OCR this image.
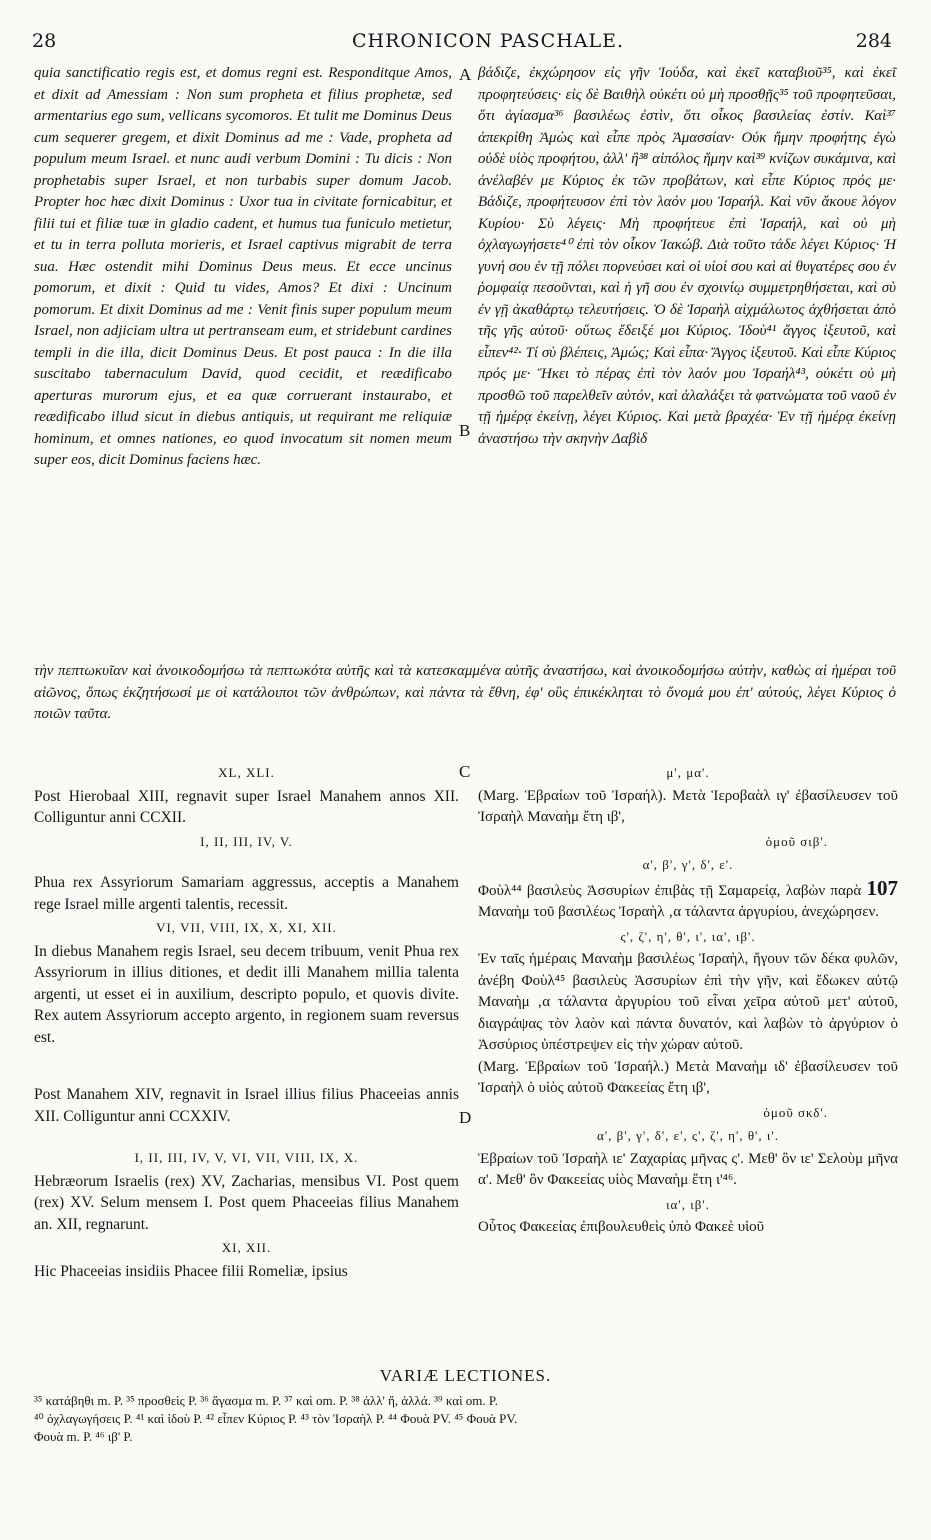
28	CHRONICON PASCHALE.	284
A
B
C
D

quia sanctificatio regis est, et domus regni est. Responditque Amos, et dixit ad Amessiam : Non sum propheta et filius prophetæ, sed armentarius ego sum, vellicans sycomoros. Et tulit me Dominus Deus cum sequerer gregem, et dixit Dominus ad me : Vade, propheta ad populum meum Israel. et nunc audi verbum Domini : Tu dicis : Non prophetabis super Israel, et non turbabis super domum Jacob. Propter hoc hæc dixit Dominus : Uxor tua in civitate fornicabitur, et filii tui et filiæ tuæ in gladio cadent, et humus tua funiculo metietur, et tu in terra polluta morieris, et Israel captivus migrabit de terra sua. Hæc ostendit mihi Dominus Deus meus. Et ecce uncinus pomorum, et dixit : Quid tu vides, Amos? Et dixi : Uncinum pomorum. Et dixit Dominus ad me : Venit finis super populum meum Israel, non adjiciam ultra ut pertranseam eum, et stridebunt cardines templi in die illa, dicit Dominus Deus. Et post pauca : In die illa suscitabo tabernaculum David, quod cecidit, et reædificabo aperturas murorum ejus, et ea quæ corruerant instaurabo, et reædificabo illud sicut in diebus antiquis, ut requirant me reliquiæ hominum, et omnes nationes, eo quod invocatum sit nomen meum super eos, dicit Dominus faciens hæc.

βάδιζε, ἐκχώρησον εἰς γῆν Ἰούδα, καὶ ἐκεῖ καταβιοῦ³⁵, καὶ ἐκεῖ προφητεύσεις· εἰς δὲ Βαιθὴλ οὐκέτι οὐ μὴ προσθῇς³⁵ τοῦ προφητεῦσαι, ὅτι ἁγίασμα³⁶ βασιλέως ἐστὶν, ὅτι οἶκος βασιλείας ἐστίν. Καὶ³⁷ ἀπεκρίθη Ἀμὼς καὶ εἶπε πρὸς Ἀμασσίαν· Οὐκ ἤμην προφήτης ἐγὼ οὐδὲ υἱὸς προφήτου, ἀλλ' ἢ³⁸ αἰπόλος ἤμην καὶ³⁹ κνίζων συκάμινα, καὶ ἀνέλαβέν με Κύριος ἐκ τῶν προβάτων, καὶ εἶπε Κύριος πρός με· Βάδιζε, προφήτευσον ἐπὶ τὸν λαόν μου Ἰσραήλ. Καὶ νῦν ἄκουε λόγον Κυρίου· Σὺ λέγεις· Μὴ προφήτευε ἐπὶ Ἰσραήλ, καὶ οὐ μὴ ὀχλαγωγήσετε⁴⁰ ἐπὶ τὸν οἶκον Ἰακώβ. Διὰ τοῦτο τάδε λέγει Κύριος· Ἡ γυνή σου ἐν τῇ πόλει πορνεύσει καὶ οἱ υἱοί σου καὶ αἱ θυγατέρες σου ἐν ῥομφαίᾳ πεσοῦνται, καὶ ἡ γῆ σου ἐν σχοινίῳ συμμετρηθήσεται, καὶ σὺ ἐν γῇ ἀκαθάρτῳ τελευτήσεις. Ὁ δὲ Ἰσραὴλ αἰχμάλωτος ἀχθήσεται ἀπὸ τῆς γῆς αὐτοῦ· οὕτως ἔδειξέ μοι Κύριος. Ἰδοὺ⁴¹ ἄγγος ἰξευτοῦ, καὶ εἶπεν⁴²· Τί σὺ βλέπεις, Ἀμώς; Καὶ εἶπα· Ἄγγος ἰξευτοῦ. Καὶ εἶπε Κύριος πρός με· Ἥκει τὸ πέρας ἐπὶ τὸν λαόν μου Ἰσραήλ⁴³, οὐκέτι οὐ μὴ προσθῶ τοῦ παρελθεῖν αὐτόν, καὶ ἀλαλάξει τὰ φατνώματα τοῦ ναοῦ ἐν τῇ ἡμέρᾳ ἐκείνῃ, λέγει Κύριος. Καὶ μετὰ βραχέα· Ἐν τῇ ἡμέρᾳ ἐκείνῃ ἀναστήσω τὴν σκηνὴν Δαβὶδ

τὴν πεπτωκυῖαν καὶ ἀνοικοδομήσω τὰ πεπτωκότα αὐτῆς καὶ τὰ κατεσκαμμένα αὐτῆς ἀναστήσω, καὶ ἀνοικοδομήσω αὐτὴν, καθὼς αἱ ἡμέραι τοῦ αἰῶνος, ὅπως ἐκζητήσωσί με οἱ κατάλοιποι τῶν ἀνθρώπων, καὶ πάντα τὰ ἔθνη, ἐφ' οὓς ἐπικέκληται τὸ ὄνομά μου ἐπ' αὐτούς, λέγει Κύριος ὁ ποιῶν ταῦτα.

XL, XLI.

Post Hierobaal XIII, regnavit super Israel Manahem annos XII. Colliguntur anni CCXII.

I, II, III, IV, V.

Phua rex Assyriorum Samariam aggressus, acceptis a Manahem rege Israel mille argenti talentis, recessit.

VI, VII, VIII, IX, X, XI, XII.

In diebus Manahem regis Israel, seu decem tribuum, venit Phua rex Assyriorum in illius ditiones, et dedit illi Manahem millia talenta argenti, ut esset ei in auxilium, descripto populo, et quovis divite. Rex autem Assyriorum accepto argento, in regionem suam reversus est.

Post Manahem XIV, regnavit in Israel illius filius Phaceeias annis XII. Colliguntur anni CCXXIV.

I, II, III, IV, V, VI, VII, VIII, IX, X.

Hebræorum Israelis (rex) XV, Zacharias, mensibus VI. Post quem (rex) XV. Selum mensem I. Post quem Phaceeias filius Manahem an. XII, regnarunt.

XI, XII.

Hic Phaceeias insidiis Phacee filii Romeliæ, ipsius

μ', μα'.

(Marg. Ἑβραίων τοῦ Ἰσραήλ). Μετὰ Ἱεροβαὰλ ιγ' ἐβασίλευσεν τοῦ Ἰσραὴλ Μαναὴμ ἔτη ιβ',

ὁμοῦ σιβ'.

α', β', γ', δ', ε'.

Φοὺλ⁴⁴ βασιλεὺς Ἀσσυρίων ἐπιβὰς τῇ Σαμαρείᾳ, λαβὼν παρὰ 107 Μαναὴμ τοῦ βασιλέως Ἰσραὴλ ‚α τάλαντα ἀργυρίου, ἀνεχώρησεν.

ς', ζ', η', θ', ι', ια', ιβ'.

Ἐν ταῖς ἡμέραις Μαναὴμ βασιλέως Ἰσραὴλ, ἤγουν τῶν δέκα φυλῶν, ἀνέβη Φοὺλ⁴⁵ βασιλεὺς Ἀσσυρίων ἐπὶ τὴν γῆν, καὶ ἔδωκεν αὐτῷ Μαναὴμ ‚α τάλαντα ἀργυρίου τοῦ εἶναι χεῖρα αὐτοῦ μετ' αὐτοῦ, διαγράψας τὸν λαὸν καὶ πάντα δυνατόν, καὶ λαβὼν τὸ ἀργύριον ὁ Ἀσσύριος ὑπέστρεψεν εἰς τὴν χώραν αὐτοῦ.

(Marg. Ἑβραίων τοῦ Ἰσραήλ.) Μετὰ Μαναὴμ ιδ' ἐβασίλευσεν τοῦ Ἰσραὴλ ὁ υἱὸς αὐτοῦ Φακεείας ἔτη ιβ',

ὁμοῦ σκδ'.

α', β', γ', δ', ε', ς', ζ', η', θ', ι'.

Ἑβραίων τοῦ Ἰσραὴλ ιε' Ζαχαρίας μῆνας ς'. Μεθ' ὃν ιε' Σελοὺμ μῆνα α'. Μεθ' ὃν Φακεείας υἱὸς Μαναὴμ ἔτη ι'⁴⁶.

ια', ιβ'.

Οὗτος Φακεείας ἐπιβουλευθεὶς ὑπὸ Φακεὲ υἱοῦ

VARIÆ LECTIONES.
³⁵ κατάβηθι m. P. ³⁵ προσθεὶς P. ³⁶ ἅγασμα m. P. ³⁷ καὶ om. P. ³⁸ ἀλλ' ἤ, ἀλλά. ³⁹ καὶ om. P.
⁴⁰ ὀχλαγωγήσεις P. ⁴¹ καὶ ἰδοὺ P. ⁴² εἶπεν Κύριος P. ⁴³ τὸν Ἰσραὴλ P. ⁴⁴ Φουὰ PV. ⁴⁵ Φουὰ PV.
Φουὰ m. P. ⁴⁶ ιβ' P.
